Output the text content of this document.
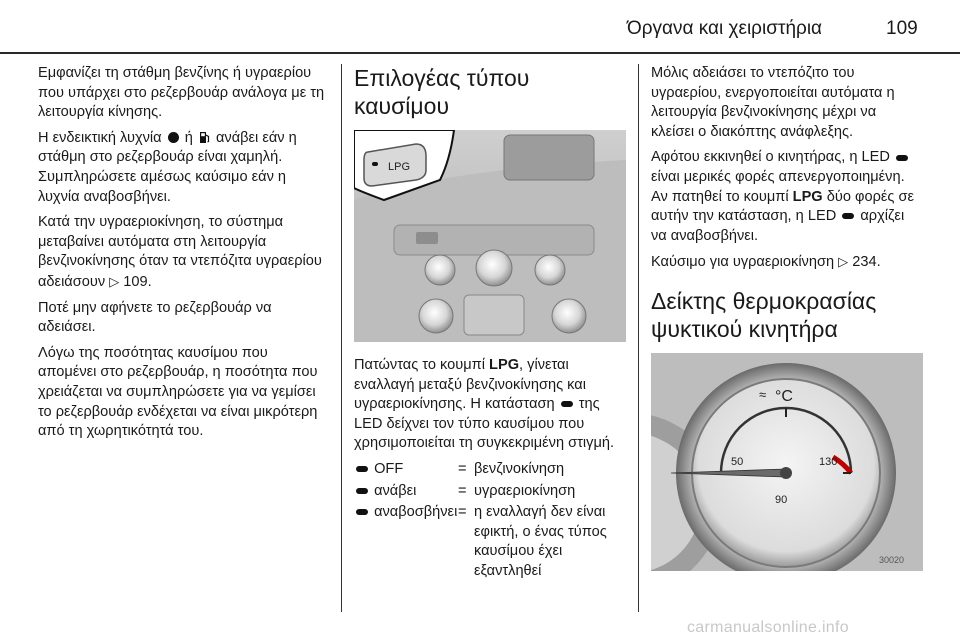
Όργανα και χειριστήρια	109

Εμφανίζει τη στάθμη βενζίνης ή υγραερίου που υπάρχει στο ρεζερβουάρ ανάλογα με τη λειτουργία κίνησης.

Η ενδεικτική λυχνία ή ανάβει εάν η στάθμη στο ρεζερβουάρ είναι χαμηλή. Συμπληρώσετε αμέσως καύσιμο εάν η λυχνία αναβοσβήνει.

Κατά την υγραεριοκίνηση, το σύστημα μεταβαίνει αυτόματα στη λειτουργία βενζινοκίνησης όταν τα ντεπόζιτα υγραερίου αδειάσουν ▷ 109.

Ποτέ μην αφήνετε το ρεζερβουάρ να αδειάσει.

Λόγω της ποσότητας καυσίμου που απομένει στο ρεζερβουάρ, η ποσότητα που χρειάζεται να συμπληρώσετε για να γεμίσει το ρεζερβουάρ ενδέχεται να είναι μικρότερη από τη χωρητικότητά του.

Επιλογέας τύπου καυσίμου
LPG

Πατώντας το κουμπί LPG, γίνεται εναλλαγή μεταξύ βενζινοκίνησης και υγραεριοκίνησης. Η κατάσταση της LED δείχνει τον τύπο καυσίμου που χρησιμοποιείται τη συγκεκριμένη στιγμή.

OFF	=	βενζινοκίνηση
ανάβει	=	υγραεριοκίνηση
αναβοσβήνει	=	η εναλλαγή δεν είναι εφικτή, ο ένας τύπος καυσίμου έχει εξαντληθεί

Μόλις αδειάσει το ντεπόζιτο του υγραερίου, ενεργοποιείται αυτόματα η λειτουργία βενζινοκίνησης μέχρι να κλείσει ο διακόπτης ανάφλεξης.

Αφότου εκκινηθεί ο κινητήρας, η LED  είναι μερικές φορές απενεργοποιημένη. Αν πατηθεί το κουμπί LPG δύο φορές σε αυτήν την κατάσταση, η LED αρχίζει να αναβοσβήνει.

Καύσιμο για υγραεριοκίνηση ▷ 234.

Δείκτης θερμοκρασίας ψυκτικού κινητήρα
°C
≈
50
90
130
30020
carmanualsonline.info
